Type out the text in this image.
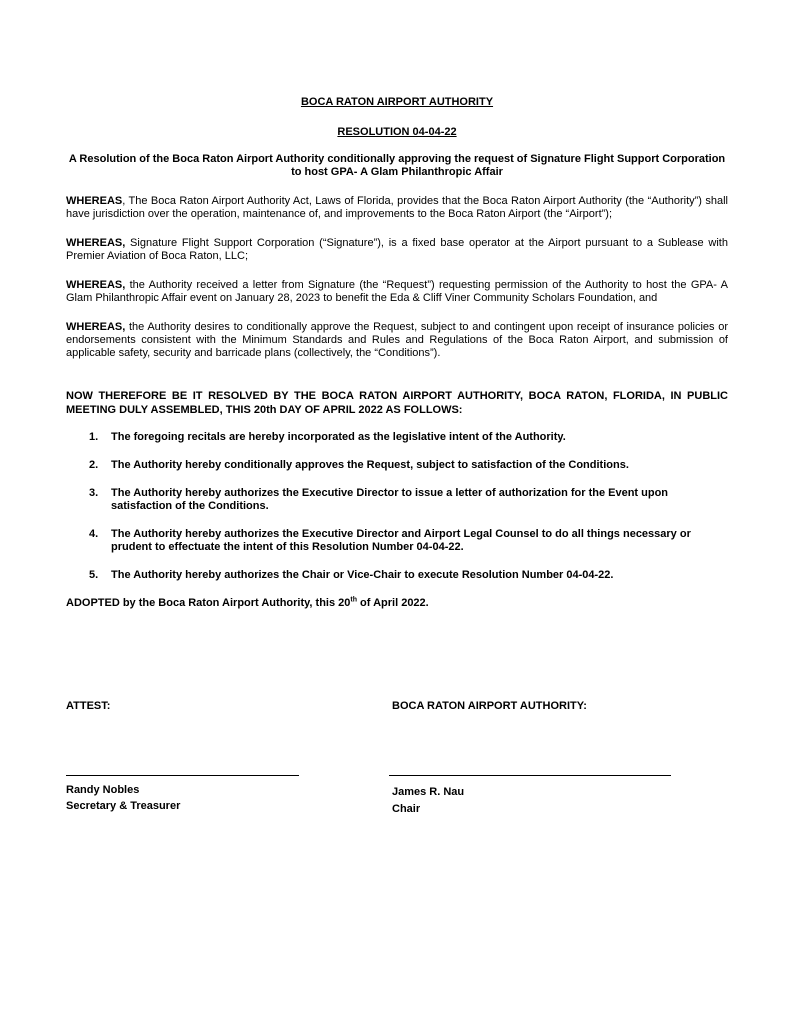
BOCA RATON AIRPORT AUTHORITY

RESOLUTION 04-04-22

A Resolution of the Boca Raton Airport Authority conditionally approving the request of Signature Flight Support Corporation to host GPA- A Glam Philanthropic Affair

WHEREAS, The Boca Raton Airport Authority Act, Laws of Florida, provides that the Boca Raton Airport Authority (the “Authority”) shall have jurisdiction over the operation, maintenance of, and improvements to the Boca Raton Airport (the “Airport”);

WHEREAS, Signature Flight Support Corporation (“Signature”), is a fixed base operator at the Airport pursuant to a Sublease with Premier Aviation of Boca Raton, LLC;

WHEREAS, the Authority received a letter from Signature (the “Request”) requesting permission of the Authority to host the GPA- A Glam Philanthropic Affair event on January 28, 2023 to benefit the Eda & Cliff Viner Community Scholars Foundation, and

WHEREAS, the Authority desires to conditionally approve the Request, subject to and contingent upon receipt of insurance policies or endorsements consistent with the Minimum Standards and Rules and Regulations of the Boca Raton Airport, and submission of applicable safety, security and barricade plans (collectively, the “Conditions”).

NOW THEREFORE BE IT RESOLVED BY THE BOCA RATON AIRPORT AUTHORITY, BOCA RATON, FLORIDA, IN PUBLIC MEETING DULY ASSEMBLED, THIS 20th DAY OF APRIL 2022 AS FOLLOWS:

1. The foregoing recitals are hereby incorporated as the legislative intent of the Authority.
2. The Authority hereby conditionally approves the Request, subject to satisfaction of the Conditions.
3. The Authority hereby authorizes the Executive Director to issue a letter of authorization for the Event upon satisfaction of the Conditions.
4. The Authority hereby authorizes the Executive Director and Airport Legal Counsel to do all things necessary or prudent to effectuate the intent of this Resolution Number 04-04-22.
5. The Authority hereby authorizes the Chair or Vice-Chair to execute Resolution Number 04-04-22.

ADOPTED by the Boca Raton Airport Authority, this 20th of April 2022.

ATTEST:	BOCA RATON AIRPORT AUTHORITY:
Randy Nobles
Secretary & Treasurer
James R. Nau
Chair
